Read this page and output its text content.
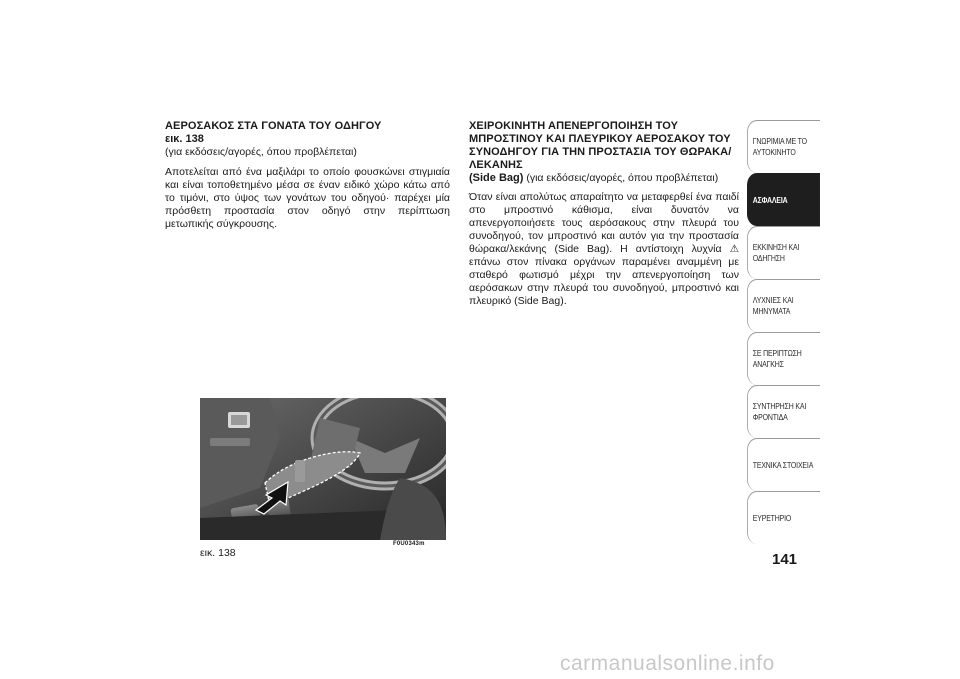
ΑΕΡΟΣΑΚΟΣ ΣΤΑ ΓΟΝΑΤΑ ΤΟΥ ΟΔΗΓΟΥ

εικ. 138

(για εκδόσεις/αγορές, όπου προβλέπεται)

Αποτελείται από ένα μαξιλάρι το οποίο φουσκώνει στιγμιαία και είναι τοποθετημένο μέσα σε έναν ειδικό χώρο κάτω από το τιμόνι, στο ύψος των γονάτων του οδηγού· παρέχει μία πρόσθετη προστασία στον οδηγό στην περίπτωση μετωπικής σύγκρουσης.

ΧΕΙΡΟΚΙΝΗΤΗ ΑΠΕΝΕΡΓΟΠΟΙΗΣΗ ΤΟΥ ΜΠΡΟΣΤΙΝΟΥ ΚΑΙ ΠΛΕΥΡΙΚΟΥ ΑΕΡΟΣΑΚΟΥ ΤΟΥ ΣΥΝΟΔΗΓΟΥ ΓΙΑ ΤΗΝ ΠΡΟΣΤΑΣΙΑ ΤΟΥ ΘΩΡΑΚΑ/ΛΕΚΑΝΗΣ

(Side Bag) (για εκδόσεις/αγορές, όπου προβλέπεται)

Όταν είναι απολύτως απαραίτητο να μεταφερθεί ένα παιδί στο μπροστινό κάθισμα, είναι δυνατόν να απενεργοποιήσετε τους αερόσακους στην πλευρά του συνοδηγού, τον μπροστινό και αυτόν για την προστασία θώρακα/λεκάνης (Side Bag). Η αντίστοιχη λυχνία ⚠ επάνω στον πίνακα οργάνων παραμένει αναμμένη με σταθερό φωτισμό μέχρι την απενεργοποίηση των αερόσακων στην πλευρά του συνοδηγού, μπροστινό και πλευρικό (Side Bag).

εικ. 138
F0U0343m
ΓΝΩΡΙΜΙΑ ΜΕ ΤΟ ΑΥΤΟΚΙΝΗΤΟ
ΑΣΦΑΛΕΙΑ
ΕΚΚΙΝΗΣΗ ΚΑΙ ΟΔΗΓΗΣΗ
ΛΥΧΝΙΕΣ ΚΑΙ ΜΗΝΥΜΑΤΑ
ΣΕ ΠΕΡΙΠΤΩΣΗ ΑΝΑΓΚΗΣ
ΣΥΝΤΗΡΗΣΗ ΚΑΙ ΦΡΟΝΤΙΔΑ
ΤΕΧΝΙΚΑ ΣΤΟΙΧΕΙΑ
ΕΥΡΕΤΗΡΙΟ
141
carmanualsonline.info
